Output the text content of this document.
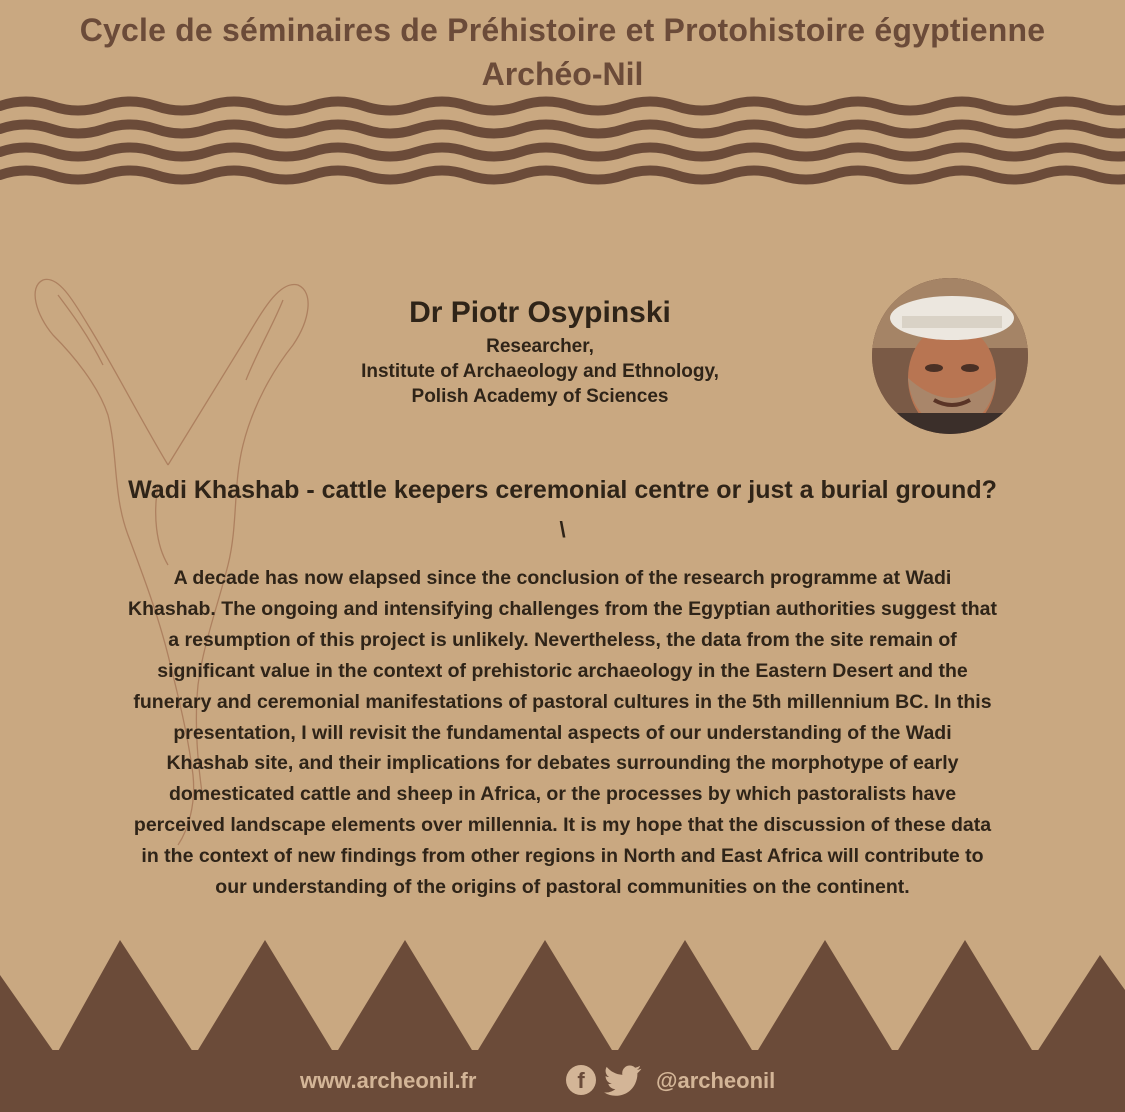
Cycle de séminaires de Préhistoire et Protohistoire égyptienne
Archéo-Nil
Dr Piotr Osypinski
Researcher,
Institute of Archaeology and Ethnology,
Polish Academy of Sciences
Wadi Khashab - cattle keepers ceremonial centre or just a burial ground?
\

A decade has now elapsed since the conclusion of the research programme at Wadi
Khashab. The ongoing and intensifying challenges from the Egyptian authorities suggest that
a resumption of this project is unlikely. Nevertheless, the data from the site remain of
significant value in the context of prehistoric archaeology in the Eastern Desert and the
funerary and ceremonial manifestations of pastoral cultures in the 5th millennium BC. In this
presentation, I will revisit the fundamental aspects of our understanding of the Wadi
Khashab site, and their implications for debates surrounding the morphotype of early
domesticated cattle and sheep in Africa, or the processes by which pastoralists have
perceived landscape elements over millennia. It is my hope that the discussion of these data
in the context of new findings from other regions in North and East Africa will contribute to
our understanding of the origins of pastoral communities on the continent.

www.archeonil.fr	f	@archeonil
